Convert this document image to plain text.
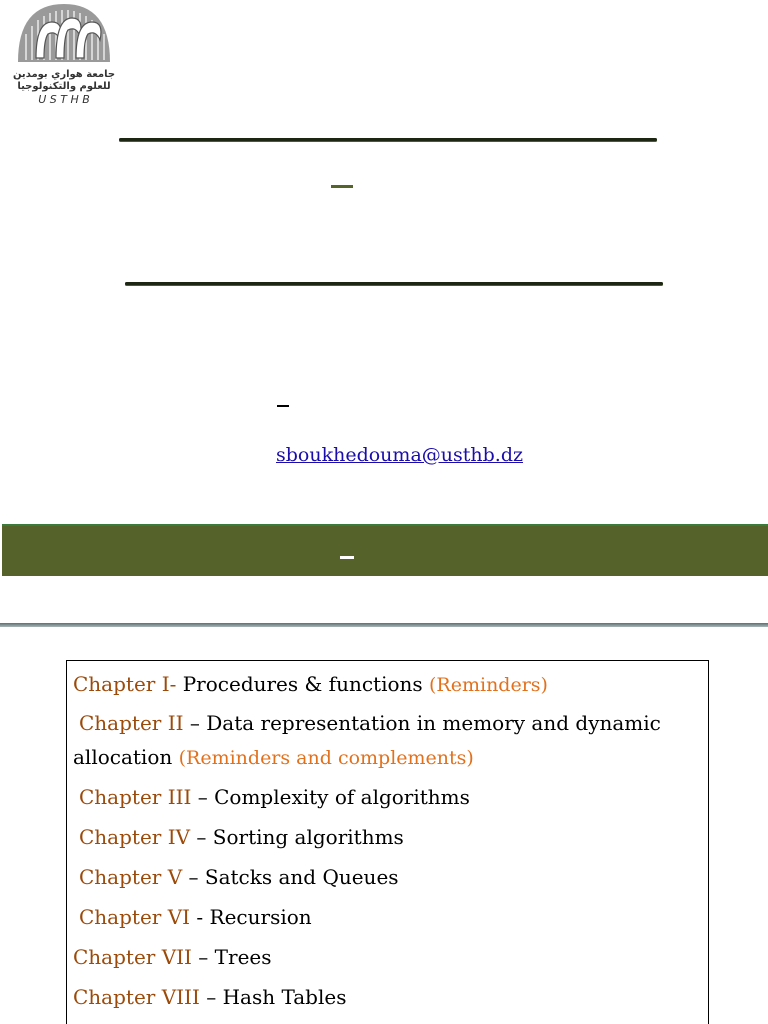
جامعة هواري بومدين
للعلوم والتكنولوجيا
U S T H B
sboukhedouma@usthb.dz
Chapter I- Procedures & functions (Reminders)
Chapter II – Data representation in memory and dynamic
allocation (Reminders and complements)
Chapter III – Complexity of algorithms
Chapter IV – Sorting algorithms
Chapter V – Satcks and Queues
Chapter VI - Recursion
Chapter VII – Trees
Chapter VIII – Hash Tables
